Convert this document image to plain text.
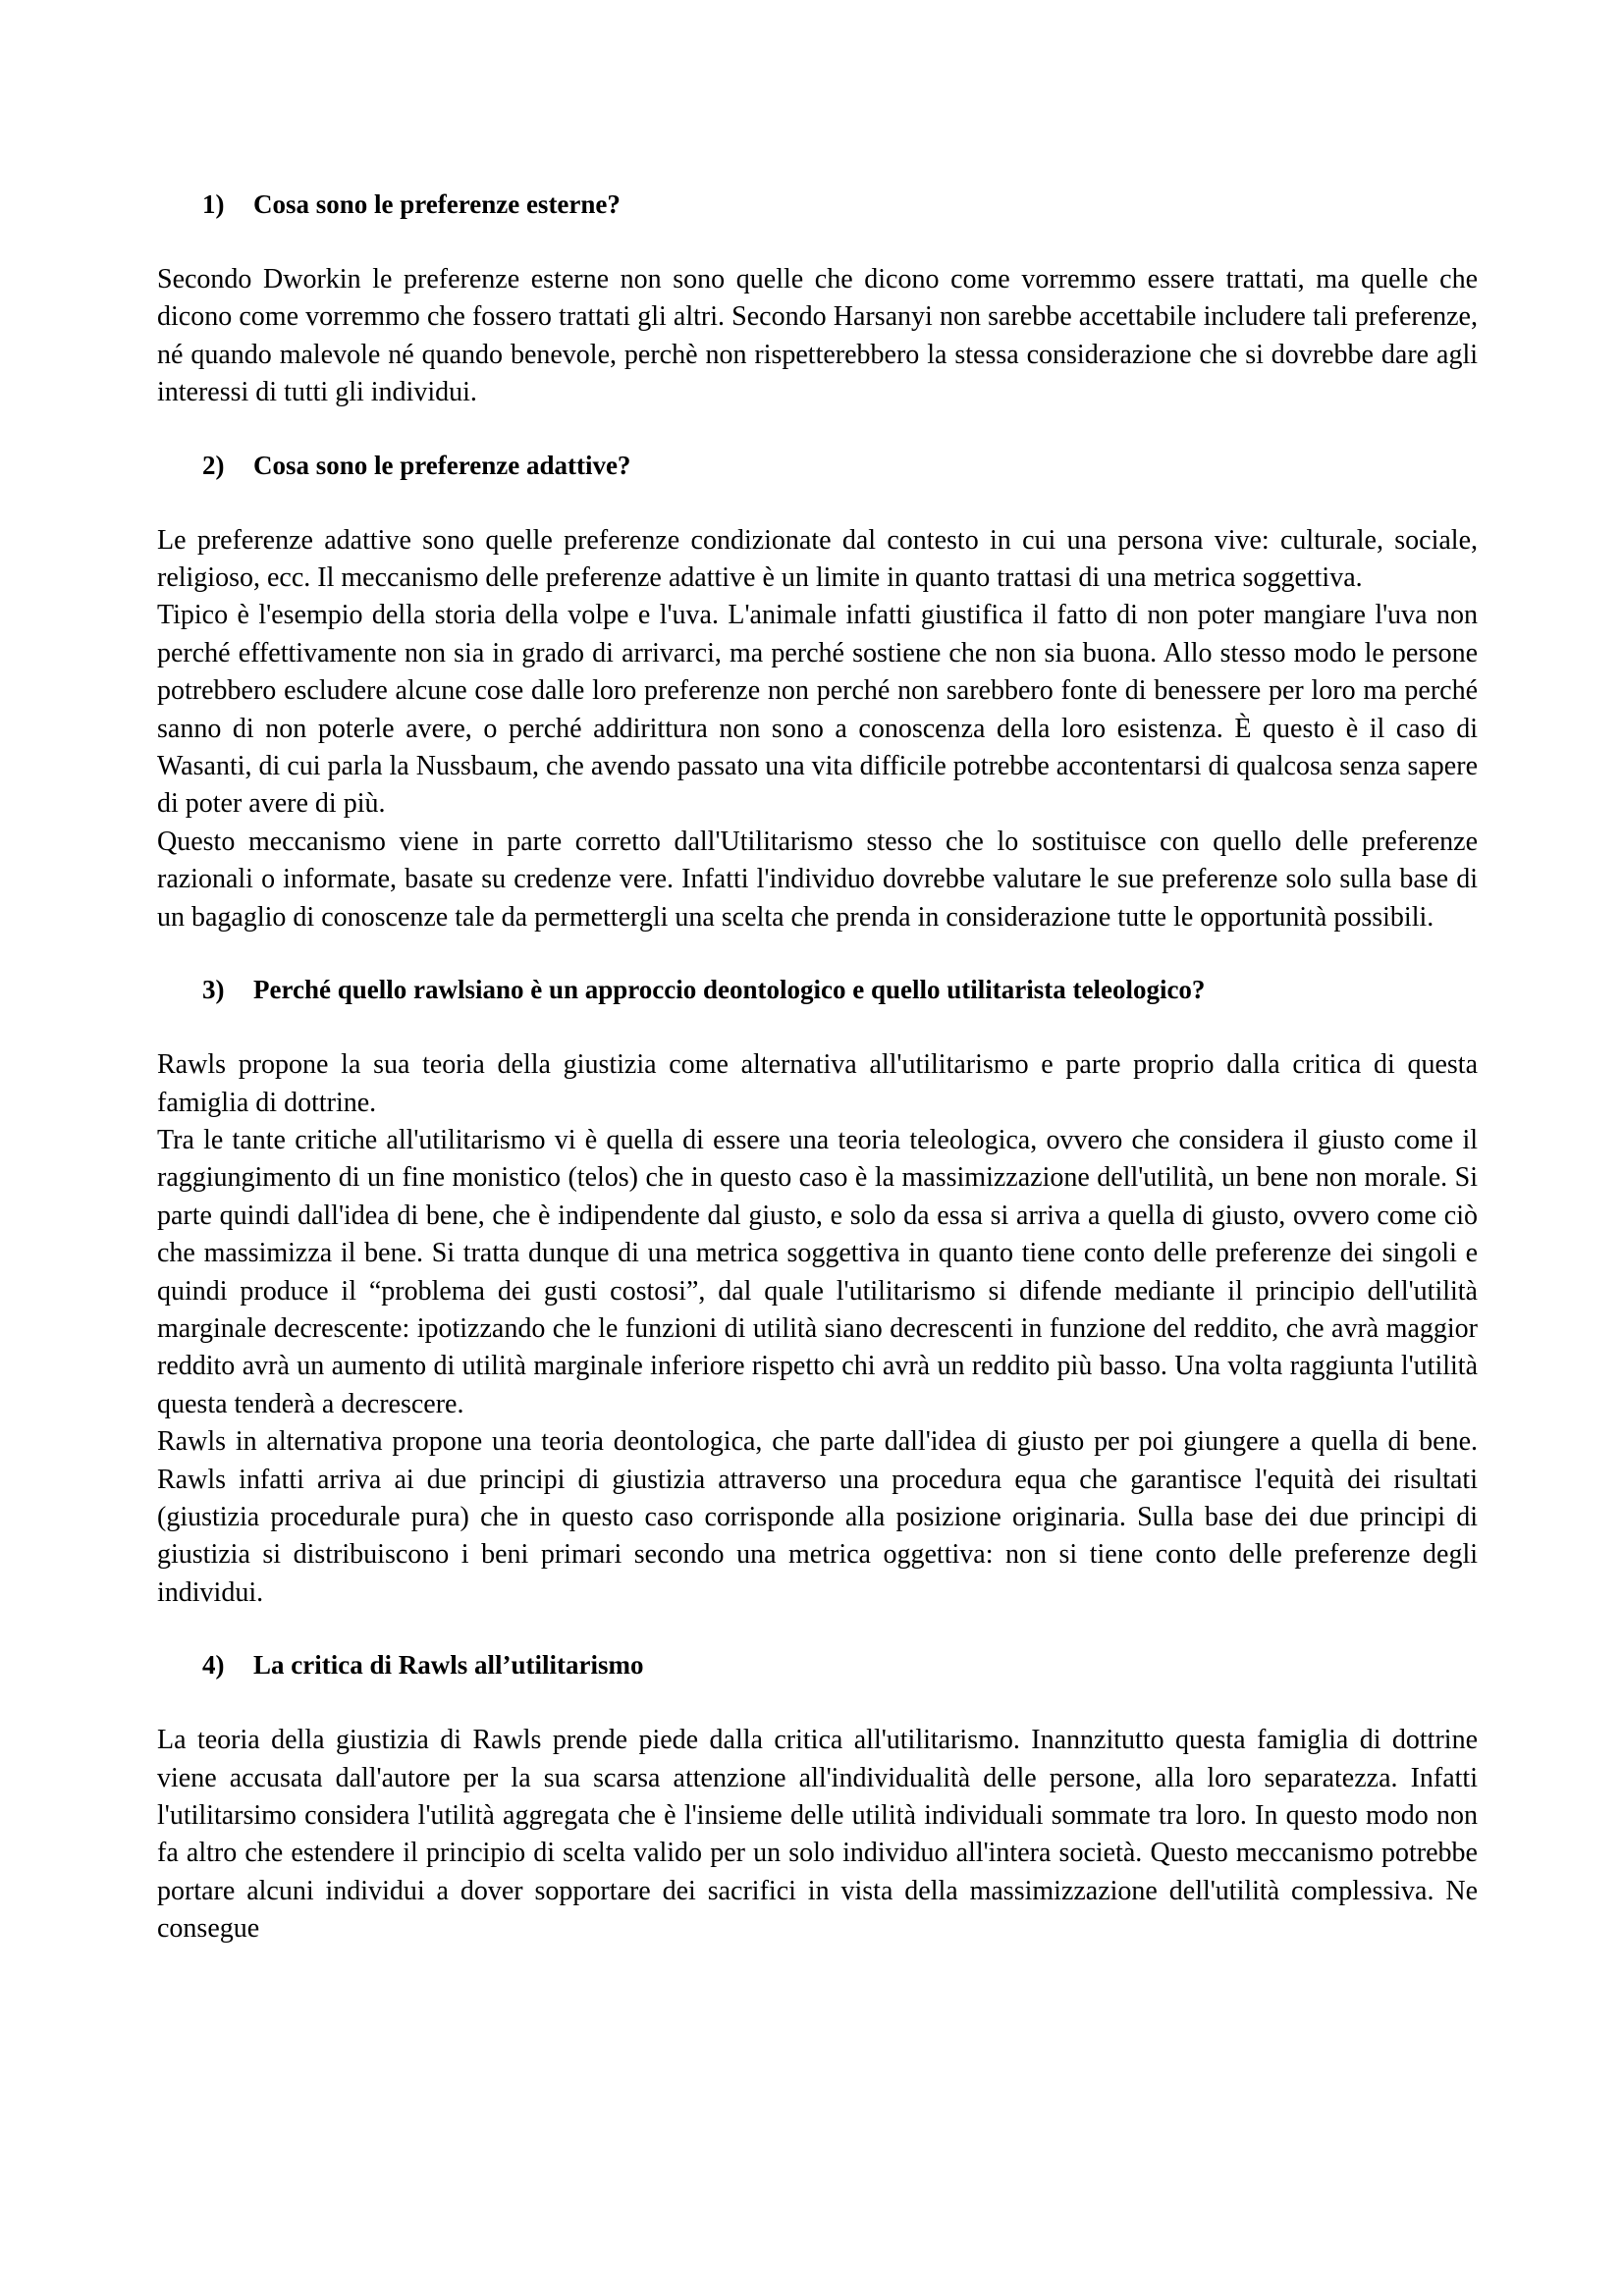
1)	Cosa sono le preferenze esterne?

Secondo Dworkin le preferenze esterne non sono quelle che dicono come vorremmo essere trattati, ma quelle che dicono come vorremmo che fossero trattati gli altri. Secondo Harsanyi non sarebbe accettabile includere tali preferenze, né quando malevole né quando benevole, perchè non rispetterebbero la stessa considerazione che si dovrebbe dare agli interessi di tutti gli individui.

2)	Cosa sono le preferenze adattive?

Le preferenze adattive sono quelle preferenze condizionate dal contesto in cui una persona vive: culturale, sociale, religioso, ecc. Il meccanismo delle preferenze adattive è un limite in quanto trattasi di una metrica soggettiva.

Tipico è l'esempio della storia della volpe e l'uva. L'animale infatti giustifica il fatto di non poter mangiare l'uva non perché effettivamente non sia in grado di arrivarci, ma perché sostiene che non sia buona. Allo stesso modo le persone potrebbero escludere alcune cose dalle loro preferenze non perché non sarebbero fonte di benessere per loro ma perché sanno di non poterle avere, o perché addirittura non sono a conoscenza della loro esistenza. È questo è il caso di Wasanti, di cui parla la Nussbaum, che avendo passato una vita difficile potrebbe accontentarsi di qualcosa senza sapere di poter avere di più.

Questo meccanismo viene in parte corretto dall'Utilitarismo stesso che lo sostituisce con quello delle preferenze razionali o informate, basate su credenze vere. Infatti l'individuo dovrebbe valutare le sue preferenze solo sulla base di un bagaglio di conoscenze tale da permettergli una scelta che prenda in considerazione tutte le opportunità possibili.

3)	Perché quello rawlsiano è un approccio deontologico e quello utilitarista teleologico?

Rawls propone la sua teoria della giustizia come alternativa all'utilitarismo e parte proprio dalla critica di questa famiglia di dottrine.

Tra le tante critiche all'utilitarismo vi è quella di essere una teoria teleologica, ovvero che considera il giusto come il raggiungimento di un fine monistico (telos) che in questo caso è la massimizzazione dell'utilità, un bene non morale. Si parte quindi dall'idea di bene, che è indipendente dal giusto, e solo da essa si arriva a quella di giusto, ovvero come ciò che massimizza il bene. Si tratta dunque di una metrica soggettiva in quanto tiene conto delle preferenze dei singoli e quindi produce il “problema dei gusti costosi”, dal quale l'utilitarismo si difende mediante il principio dell'utilità marginale decrescente: ipotizzando che le funzioni di utilità siano decrescenti in funzione del reddito, che avrà maggior reddito avrà un aumento di utilità marginale inferiore rispetto chi avrà un reddito più basso. Una volta raggiunta l'utilità questa tenderà a decrescere.

Rawls in alternativa propone una teoria deontologica, che parte dall'idea di giusto per poi giungere a quella di bene. Rawls infatti arriva ai due principi di giustizia attraverso una procedura equa che garantisce l'equità dei risultati (giustizia procedurale pura) che in questo caso corrisponde alla posizione originaria. Sulla base dei due principi di giustizia si distribuiscono i beni primari secondo una metrica oggettiva: non si tiene conto delle preferenze degli individui.

4)	La critica di Rawls all’utilitarismo

La teoria della giustizia di Rawls prende piede dalla critica all'utilitarismo. Inannzitutto questa famiglia di dottrine viene accusata dall'autore per la sua scarsa attenzione all'individualità delle persone, alla loro separatezza. Infatti l'utilitarsimo considera l'utilità aggregata che è l'insieme delle utilità individuali sommate tra loro. In questo modo non fa altro che estendere il principio di scelta valido per un solo individuo all'intera società. Questo meccanismo potrebbe portare alcuni individui a dover sopportare dei sacrifici in vista della massimizzazione dell'utilità complessiva. Ne consegue
